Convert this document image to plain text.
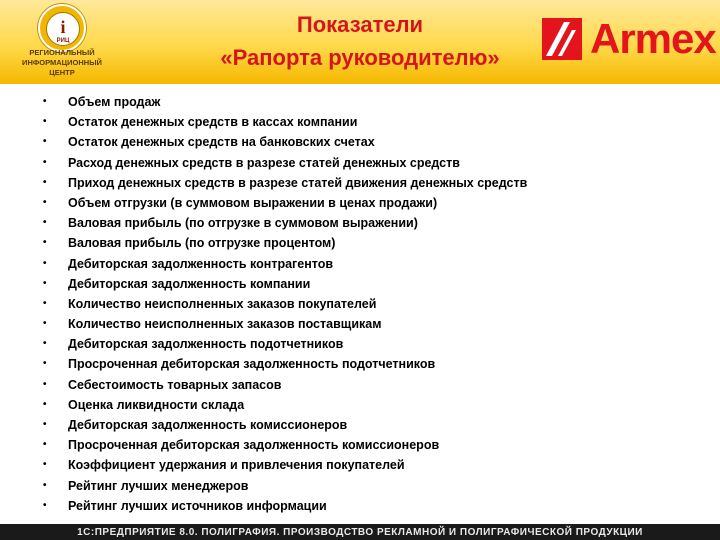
i
РИЦ
РЕГИОНАЛЬНЫЙ
ИНФОРМАЦИОННЫЙ
ЦЕНТР
Показатели
«Рапорта руководителю»	Armex
• Объем продаж
• Остаток денежных средств в кассах компании
• Остаток денежных средств на банковских счетах
• Расход денежных средств в разрезе статей денежных средств
• Приход денежных средств в разрезе статей движения денежных средств
• Объем отгрузки (в суммовом выражении в ценах продажи)
• Валовая прибыль (по отгрузке в суммовом выражении)
• Валовая прибыль (по отгрузке процентом)
• Дебиторская задолженность контрагентов
• Дебиторская задолженность компании
• Количество неисполненных заказов покупателей
• Количество неисполненных заказов поставщикам
• Дебиторская задолженность подотчетников
• Просроченная дебиторская задолженность подотчетников
• Себестоимость товарных запасов
• Оценка ликвидности склада
• Дебиторская задолженность комиссионеров
• Просроченная дебиторская задолженность комиссионеров
• Коэффициент удержания и привлечения покупателей
• Рейтинг лучших менеджеров
• Рейтинг лучших источников информации
1С:ПРЕДПРИЯТИЕ 8.0. ПОЛИГРАФИЯ. ПРОИЗВОДСТВО РЕКЛАМНОЙ И ПОЛИГРАФИЧЕСКОЙ ПРОДУКЦИИ
